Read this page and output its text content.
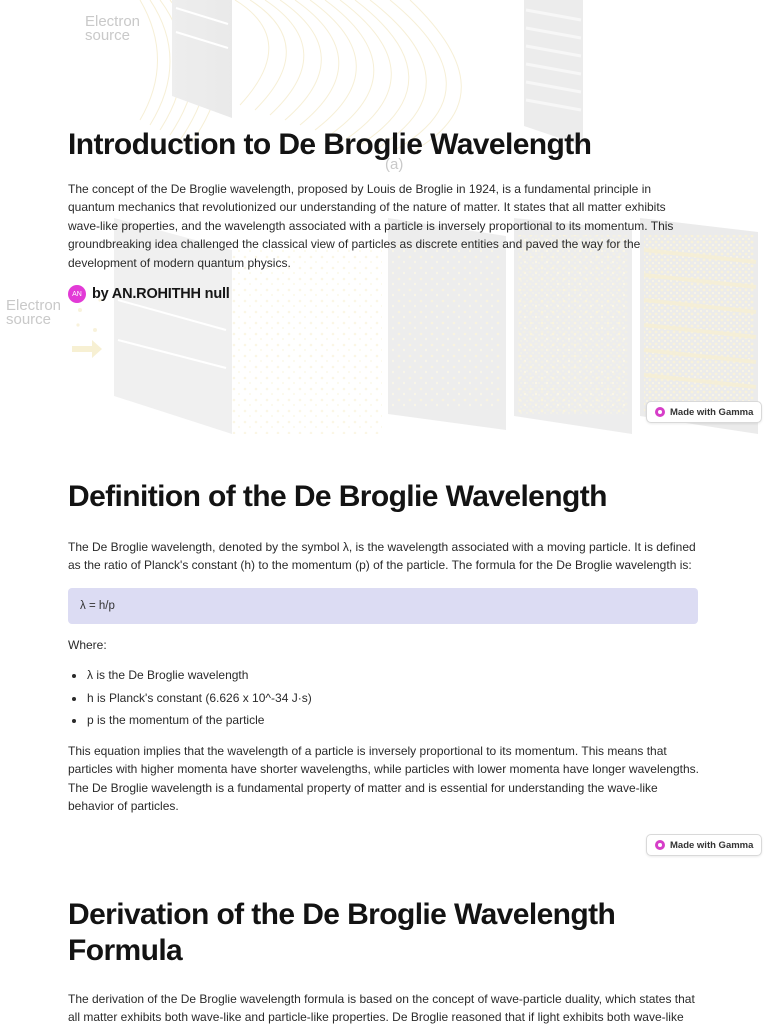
Electron
source
(a)
Electron
source
Introduction to De Broglie Wavelength

The concept of the De Broglie wavelength, proposed by Louis de Broglie in 1924, is a fundamental principle in quantum mechanics that revolutionized our understanding of the nature of matter. It states that all matter exhibits wave-like properties, and the wavelength associated with a particle is inversely proportional to its momentum. This groundbreaking idea challenged the classical view of particles as discrete entities and paved the way for the development of modern quantum physics.

AN by AN.ROHITHH null
Made with Gamma
Definition of the De Broglie Wavelength

The De Broglie wavelength, denoted by the symbol λ, is the wavelength associated with a moving particle. It is defined as the ratio of Planck's constant (h) to the momentum (p) of the particle. The formula for the De Broglie wavelength is:

λ = h/p

Where:

λ is the De Broglie wavelength
h is Planck's constant (6.626 x 10^-34 J·s)
p is the momentum of the particle

This equation implies that the wavelength of a particle is inversely proportional to its momentum. This means that particles with higher momenta have shorter wavelengths, while particles with lower momenta have longer wavelengths. The De Broglie wavelength is a fundamental property of matter and is essential for understanding the wave-like behavior of particles.

Made with Gamma
Derivation of the De Broglie Wavelength Formula

The derivation of the De Broglie wavelength formula is based on the concept of wave-particle duality, which states that all matter exhibits both wave-like and particle-like properties. De Broglie reasoned that if light exhibits both wave-like
